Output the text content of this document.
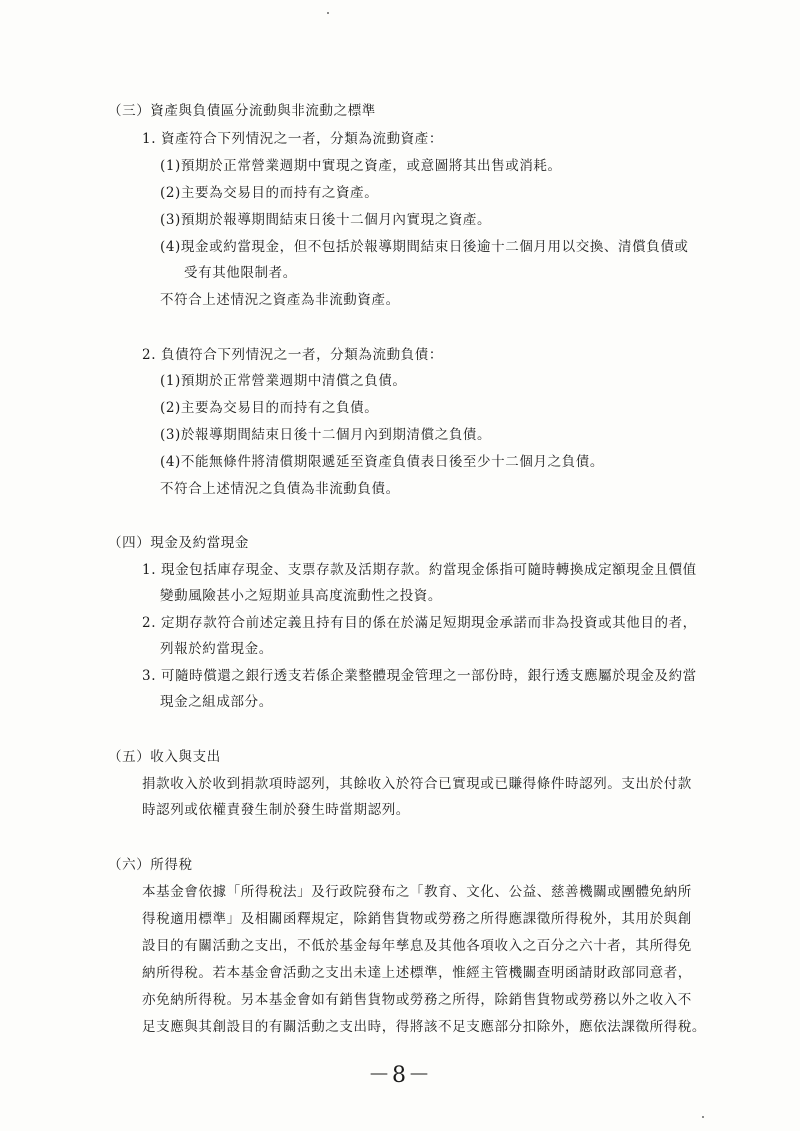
（三）資產與負債區分流動與非流動之標準
1. 資產符合下列情況之一者，分類為流動資產：
(1)預期於正常營業週期中實現之資產，或意圖將其出售或消耗。
(2)主要為交易目的而持有之資產。
(3)預期於報導期間結束日後十二個月內實現之資產。
(4)現金或約當現金，但不包括於報導期間結束日後逾十二個月用以交換、清償負債或
受有其他限制者。
不符合上述情況之資產為非流動資產。
2. 負債符合下列情況之一者，分類為流動負債：
(1)預期於正常營業週期中清償之負債。
(2)主要為交易目的而持有之負債。
(3)於報導期間結束日後十二個月內到期清償之負債。
(4)不能無條件將清償期限遞延至資產負債表日後至少十二個月之負債。
不符合上述情況之負債為非流動負債。
（四）現金及約當現金
1. 現金包括庫存現金、支票存款及活期存款。約當現金係指可隨時轉換成定額現金且價值
變動風險甚小之短期並具高度流動性之投資。
2. 定期存款符合前述定義且持有目的係在於滿足短期現金承諾而非為投資或其他目的者，
列報於約當現金。
3. 可隨時償還之銀行透支若係企業整體現金管理之一部份時，銀行透支應屬於現金及約當
現金之組成部分。
（五）收入與支出
捐款收入於收到捐款項時認列，其餘收入於符合已實現或已賺得條件時認列。支出於付款
時認列或依權責發生制於發生時當期認列。
（六）所得稅
本基金會依據「所得稅法」及行政院發布之「教育、文化、公益、慈善機關或團體免納所
得稅適用標準」及相關函釋規定，除銷售貨物或勞務之所得應課徵所得稅外，其用於與創
設目的有關活動之支出，不低於基金每年孳息及其他各項收入之百分之六十者，其所得免
納所得稅。若本基金會活動之支出未達上述標準，惟經主管機關查明函請財政部同意者，
亦免納所得稅。另本基金會如有銷售貨物或勞務之所得，除銷售貨物或勞務以外之收入不
足支應與其創設目的有關活動之支出時，得將該不足支應部分扣除外，應依法課徵所得稅。
－8－
